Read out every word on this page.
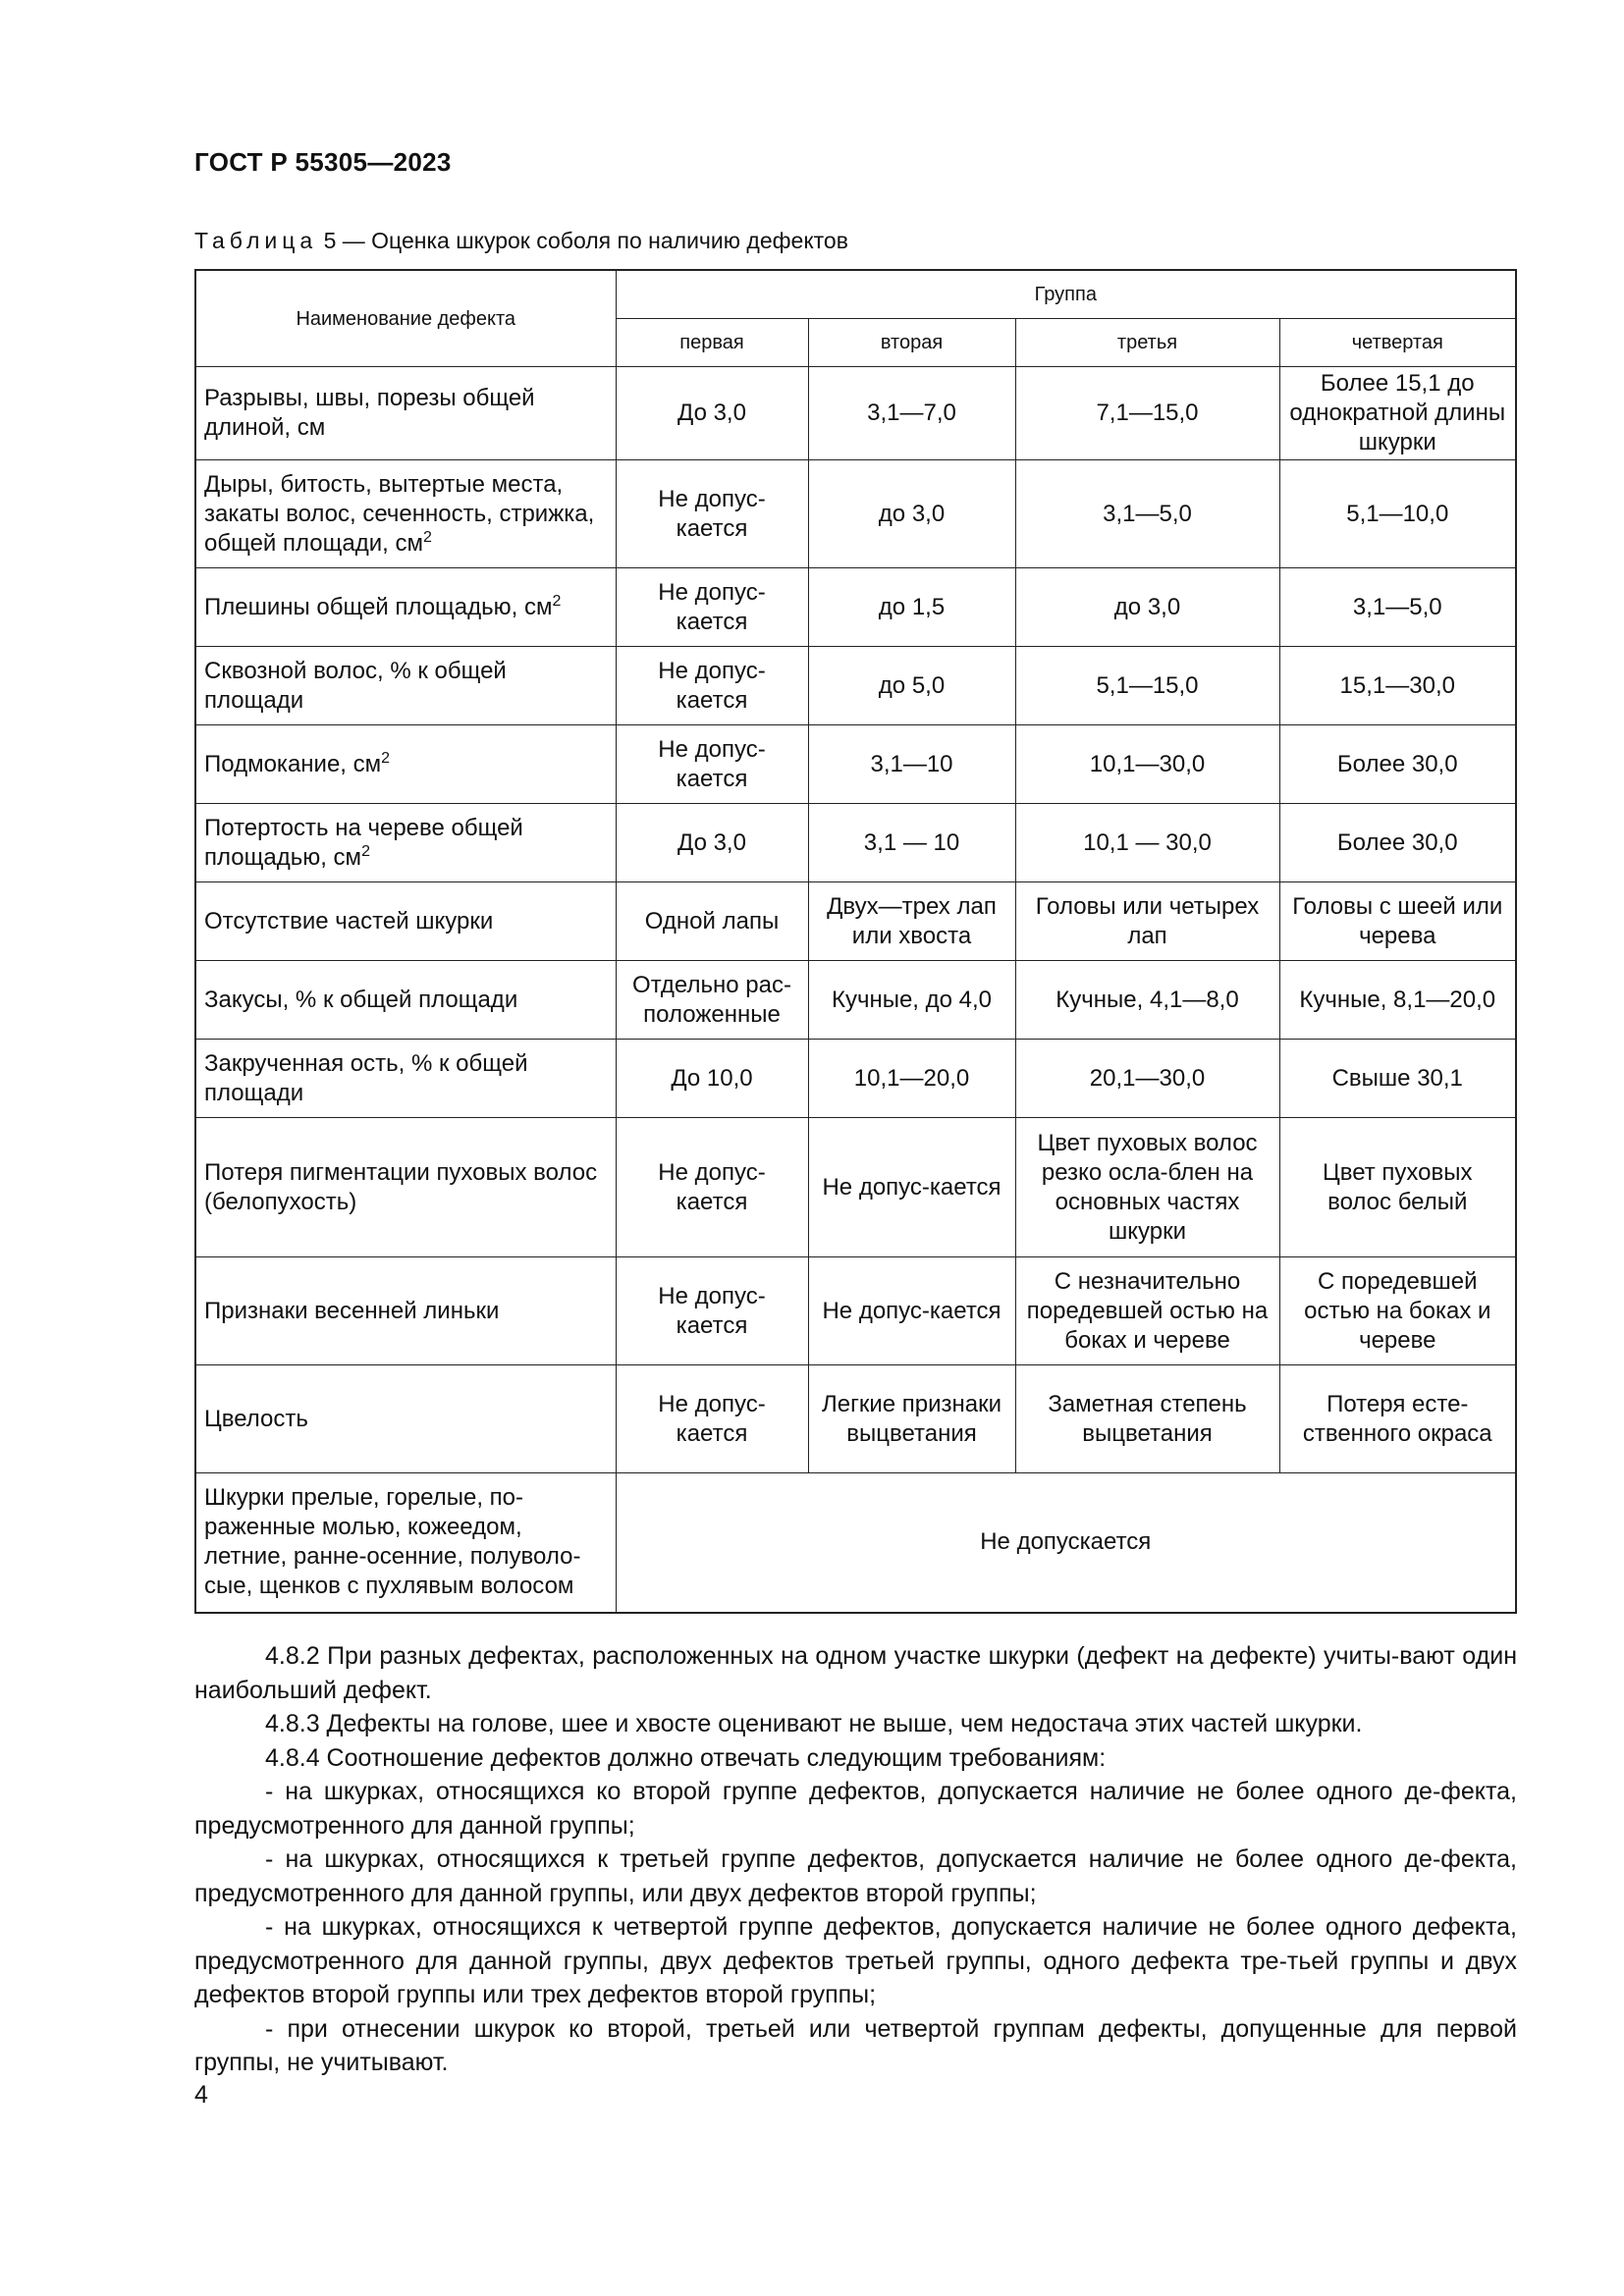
ГОСТ Р 55305—2023
Таблица 5 — Оценка шкурок соболя по наличию дефектов
Наименование дефекта	Группа			
	первая	вторая	третья	четвертая
Разрывы, швы, порезы общей длиной, см	До 3,0	3,1—7,0	7,1—15,0	Более 15,1 до однократной длины шкурки
Дыры, битость, вытертые места, закаты волос, сеченность, стрижка, общей площади, $см^2$	Не допус-кается	до 3,0	3,1—5,0	5,1—10,0
Плешины общей площадью, $см^2$	Не допус-кается	до 1,5	до 3,0	3,1—5,0
Сквозной волос, % к общей площади	Не допус-кается	до 5,0	5,1—15,0	15,1—30,0
Подмокание, $см^2$	Не допус-кается	3,1—10	10,1—30,0	Более 30,0
Потертость на череве общей площадью, $см^2$	До 3,0	3,1 — 10	10,1 — 30,0	Более 30,0
Отсутствие частей шкурки	Одной лапы	Двух—трех лап или хвоста	Головы или четырех лап	Головы с шеей или черева
Закусы, % к общей площади	Отдельно рас-положенные	Кучные, до 4,0	Кучные, 4,1—8,0	Кучные, 8,1—20,0
Закрученная ость, % к общей площади	До 10,0	10,1—20,0	20,1—30,0	Свыше 30,1
Потеря пигментации пуховых волос (белопухость)	Не допус-кается	Не допус-кается	Цвет пуховых волос резко осла-блен на основных частях шкурки	Цвет пуховых волос белый
Признаки весенней линьки	Не допус-кается	Не допус-кается	С незначительно поредевшей остью на боках и череве	С поредевшей остью на боках и череве
Цвелость	Не допус-кается	Легкие признаки выцветания	Заметная степень выцветания	Потеря есте-ственного окраса
Шкурки прелые, горелые, по-раженные молью, кожеедом, летние, ранне-осенние, полуволо-сые, щенков с пухлявым волосом	Не допускается			

4.8.2 При разных дефектах, расположенных на одном участке шкурки (дефект на дефекте) учиты-вают один наибольший дефект.

4.8.3 Дефекты на голове, шее и хвосте оценивают не выше, чем недостача этих частей шкурки.

4.8.4 Соотношение дефектов должно отвечать следующим требованиям:

- на шкурках, относящихся ко второй группе дефектов, допускается наличие не более одного де-фекта, предусмотренного для данной группы;

- на шкурках, относящихся к третьей группе дефектов, допускается наличие не более одного де-фекта, предусмотренного для данной группы, или двух дефектов второй группы;

- на шкурках, относящихся к четвертой группе дефектов, допускается наличие не более одного дефекта, предусмотренного для данной группы, двух дефектов третьей группы, одного дефекта тре-тьей группы и двух дефектов второй группы или трех дефектов второй группы;

- при отнесении шкурок ко второй, третьей или четвертой группам дефекты, допущенные для первой группы, не учитывают.

4
